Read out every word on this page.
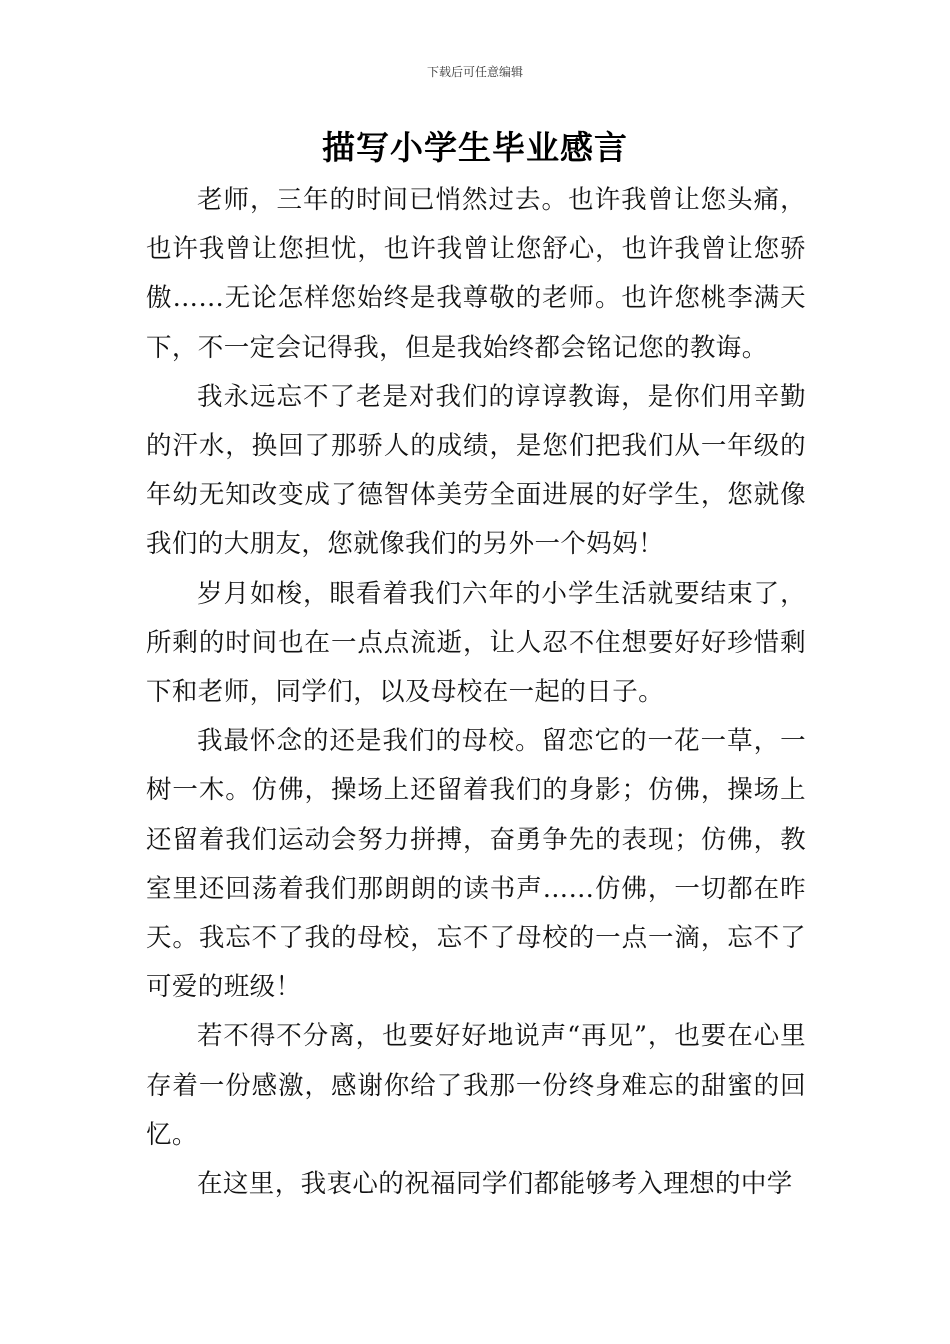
下载后可任意编辑
描写小学生毕业感言

老师，三年的时间已悄然过去。也许我曾让您头痛，也许我曾让您担忧，也许我曾让您舒心，也许我曾让您骄傲……无论怎样您始终是我尊敬的老师。也许您桃李满天下，不一定会记得我，但是我始终都会铭记您的教诲。

我永远忘不了老是对我们的谆谆教诲，是你们用辛勤的汗水，换回了那骄人的成绩，是您们把我们从一年级的年幼无知改变成了德智体美劳全面进展的好学生，您就像我们的大朋友，您就像我们的另外一个妈妈！

岁月如梭，眼看着我们六年的小学生活就要结束了，所剩的时间也在一点点流逝，让人忍不住想要好好珍惜剩下和老师，同学们，以及母校在一起的日子。

我最怀念的还是我们的母校。留恋它的一花一草，一树一木。仿佛，操场上还留着我们的身影；仿佛，操场上还留着我们运动会努力拼搏，奋勇争先的表现；仿佛，教室里还回荡着我们那朗朗的读书声……仿佛，一切都在昨天。我忘不了我的母校，忘不了母校的一点一滴，忘不了可爱的班级！

若不得不分离，也要好好地说声“再见”，也要在心里存着一份感激，感谢你给了我那一份终身难忘的甜蜜的回忆。

在这里，我衷心的祝福同学们都能够考入理想的中学
